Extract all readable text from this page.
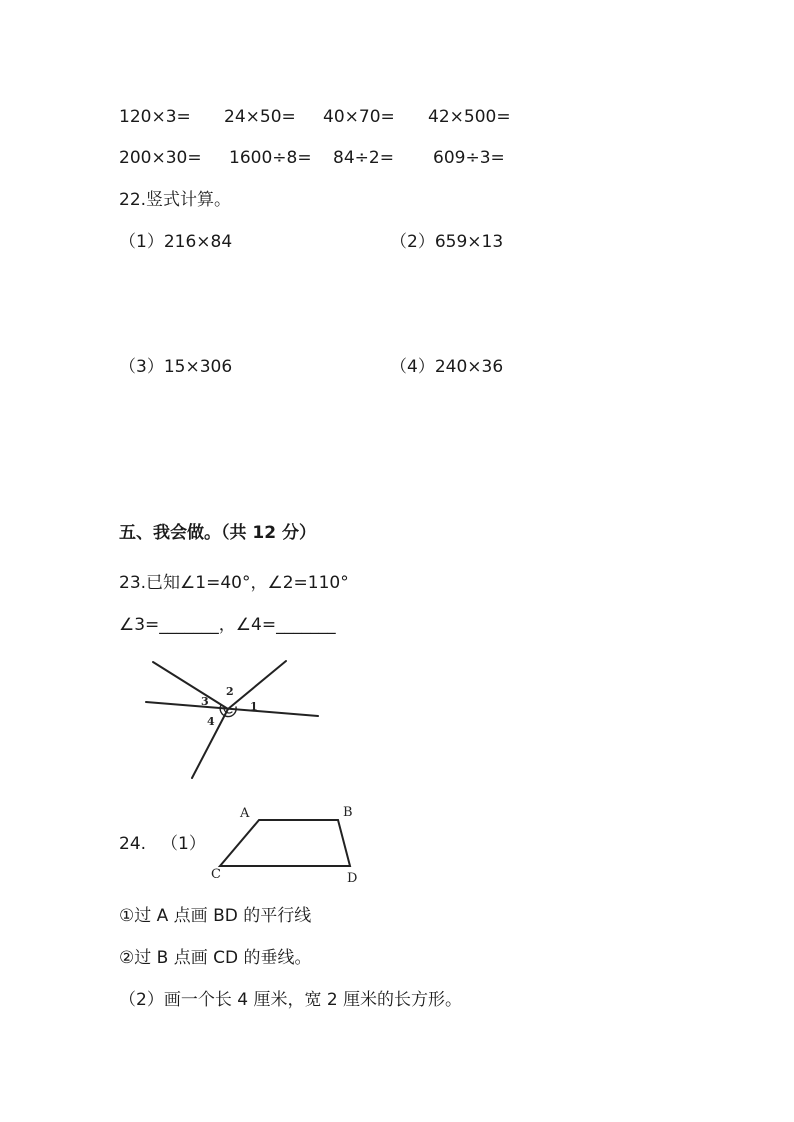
120×3= 24×50= 40×70= 42×500=
200×30= 1600÷8= 84÷2= 609÷3=
22.竖式计算。
（1）216×84	（2）659×13
（3）15×306	（4）240×36
五、我会做。（共 12 分）
23.已知∠1=40°，∠2=110°
∠3=_______，∠4=_______
1
2
3
4
24. （1）
A	B
C	D
①过 A 点画 BD 的平行线
②过 B 点画 CD 的垂线。
（2）画一个长 4 厘米，宽 2 厘米的长方形。
